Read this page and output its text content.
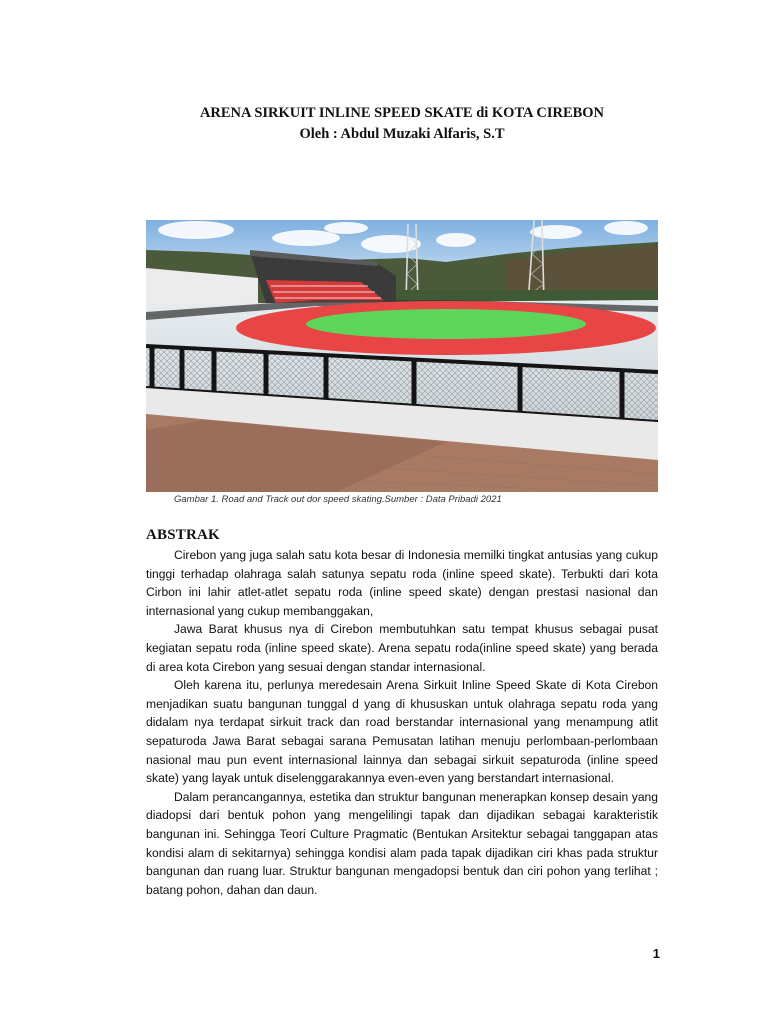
ARENA SIRKUIT INLINE SPEED SKATE di KOTA CIREBON
Oleh : Abdul Muzaki Alfaris, S.T
Gambar 1. Road and Track out dor speed skating.Sumber : Data Pribadi 2021
ABSTRAK

Cirebon yang juga salah satu kota besar di Indonesia memilki tingkat antusias yang cukup tinggi terhadap olahraga salah satunya sepatu roda (inline speed skate). Terbukti dari kota Cirbon ini lahir atlet-atlet sepatu roda (inline speed skate) dengan prestasi nasional dan internasional yang cukup membanggakan,

Jawa Barat khusus nya di Cirebon membutuhkan satu tempat khusus sebagai pusat kegiatan sepatu roda (inline speed skate). Arena sepatu roda(inline speed skate) yang berada di area kota Cirebon yang sesuai dengan standar internasional.

Oleh karena itu, perlunya meredesain Arena Sirkuit Inline Speed Skate di Kota Cirebon menjadikan suatu bangunan tunggal d yang di khususkan untuk olahraga sepatu roda yang didalam nya terdapat sirkuit track dan road berstandar internasional yang menampung atlit sepaturoda Jawa Barat sebagai sarana Pemusatan latihan menuju perlombaan-perlombaan nasional mau pun event internasional lainnya dan sebagai sirkuit sepaturoda (inline speed skate) yang layak untuk diselenggarakannya even-even yang berstandart internasional.

Dalam perancangannya, estetika dan struktur bangunan menerapkan konsep desain yang diadopsi dari bentuk pohon yang mengelilingi tapak dan dijadikan sebagai karakteristik bangunan ini. Sehingga Teori Culture Pragmatic (Bentukan Arsitektur sebagai tanggapan atas kondisi alam di sekitarnya) sehingga kondisi alam pada tapak dijadikan ciri khas pada struktur bangunan dan ruang luar. Struktur bangunan mengadopsi bentuk dan ciri pohon yang terlihat ; batang pohon, dahan dan daun.

1
